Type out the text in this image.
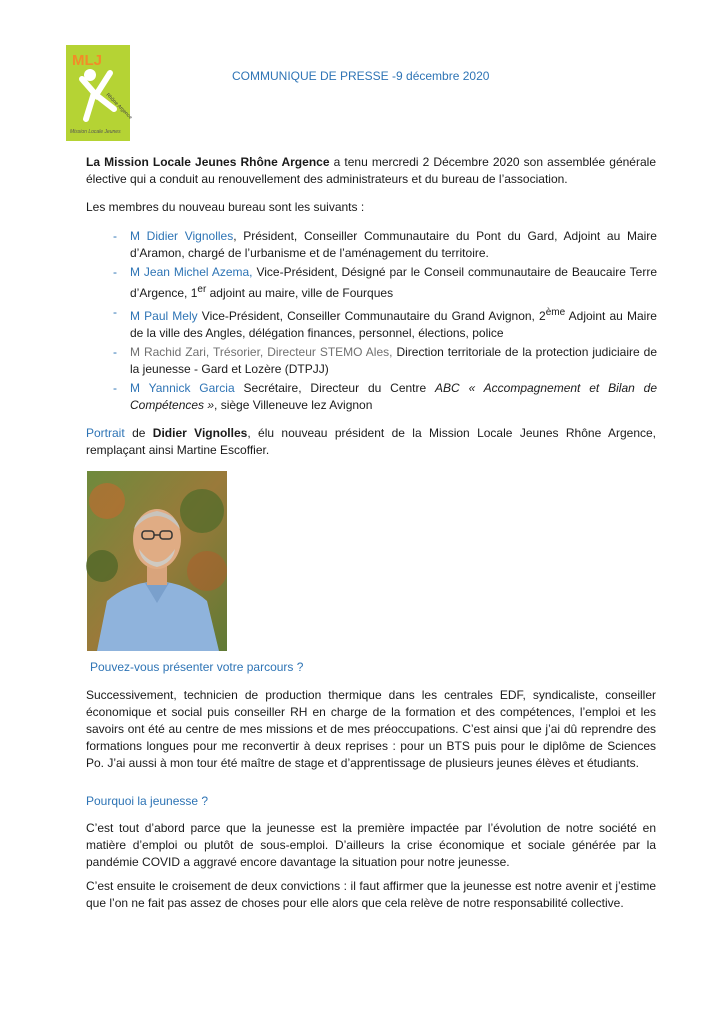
MLJ
Rhône Argence
Mission Locale Jeunes
COMMUNIQUE DE PRESSE -9 décembre 2020
La Mission Locale Jeunes Rhône Argence a tenu mercredi 2 Décembre 2020 son assemblée générale élective qui a conduit au renouvellement des administrateurs et du bureau de l’association.
Les membres du nouveau bureau sont les suivants :
- M Didier Vignolles, Président, Conseiller Communautaire du Pont du Gard, Adjoint au Maire d’Aramon, chargé de l’urbanisme et de l’aménagement du territoire.
- M Jean Michel Azema, Vice-Président, Désigné par le Conseil communautaire de Beaucaire Terre d’Argence, 1er adjoint au maire, ville de Fourques
- M Paul Mely Vice-Président, Conseiller Communautaire du Grand Avignon, 2ème Adjoint au Maire de la ville des Angles, délégation finances, personnel, élections, police
- M Rachid Zari, Trésorier, Directeur STEMO Ales, Direction territoriale de la protection judiciaire de la jeunesse - Gard et Lozère (DTPJJ)
- M Yannick Garcia Secrétaire, Directeur du Centre ABC « Accompagnement et Bilan de Compétences », siège Villeneuve lez Avignon
Portrait de Didier Vignolles, élu nouveau président de la Mission Locale Jeunes Rhône Argence, remplaçant ainsi Martine Escoffier.
Pouvez-vous présenter votre parcours ?
Successivement, technicien de production thermique dans les centrales EDF, syndicaliste, conseiller économique et social puis conseiller RH en charge de la formation et des compétences, l’emploi et les savoirs ont été au centre de mes missions et de mes préoccupations. C’est ainsi que j’ai dû reprendre des formations longues pour me reconvertir à deux reprises : pour un BTS puis pour le diplôme de Sciences Po. J’ai aussi à mon tour été maître de stage et d’apprentissage de plusieurs jeunes élèves et étudiants.
Pourquoi la jeunesse ?
C’est tout d’abord parce que la jeunesse est la première impactée par l’évolution de notre société en matière d’emploi ou plutôt de sous-emploi. D’ailleurs la crise économique et sociale générée par la pandémie COVID a aggravé encore davantage la situation pour notre jeunesse.
C’est ensuite le croisement de deux convictions : il faut affirmer que la jeunesse est notre avenir et j’estime que l’on ne fait pas assez de choses pour elle alors que cela relève de notre responsabilité collective.
